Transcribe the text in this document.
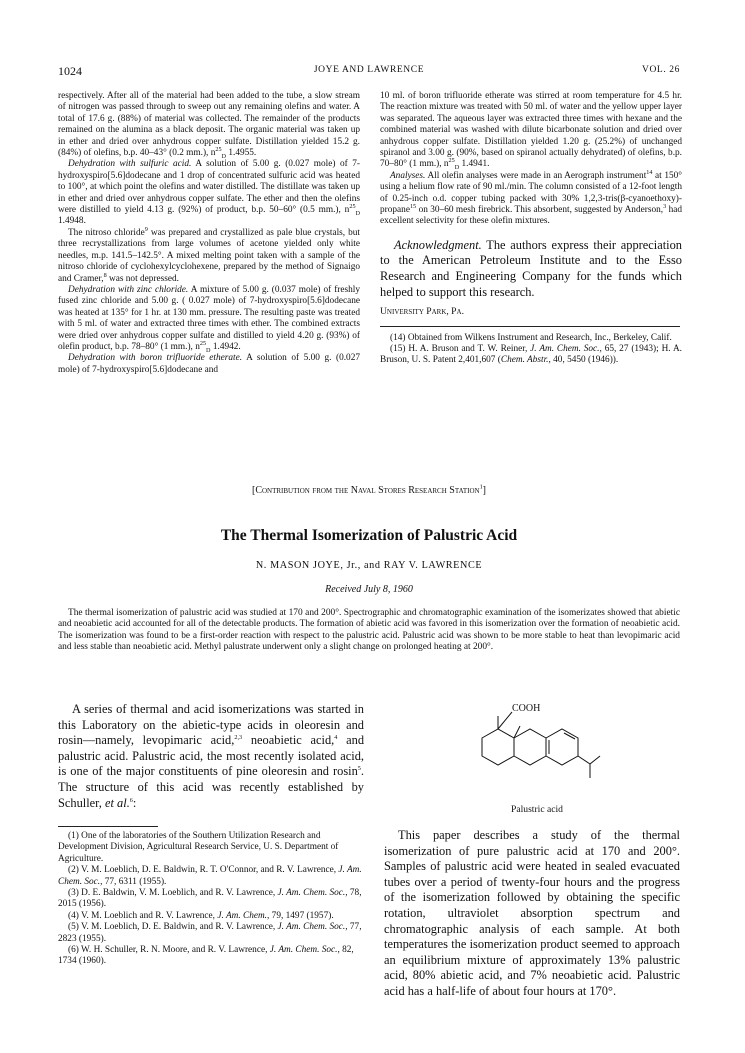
1024	JOYE AND LAWRENCE	VOL. 26

respectively. After all of the material had been added to the tube, a slow stream of nitrogen was passed through to sweep out any remaining olefins and water. A total of 17.6 g. (88%) of material was collected. The remainder of the products remained on the alumina as a black deposit. The organic material was taken up in ether and dried over anhydrous copper sulfate. Distillation yielded 15.2 g. (84%) of olefins, b.p. 40–43° (0.2 mm.), $n^{25}_D$ 1.4955.

Dehydration with sulfuric acid. A solution of 5.00 g. (0.027 mole) of 7-hydroxyspiro[5.6]dodecane and 1 drop of concentrated sulfuric acid was heated to 100°, at which point the olefins and water distilled. The distillate was taken up in ether and dried over anhydrous copper sulfate. The ether and then the olefins were distilled to yield 4.13 g. (92%) of product, b.p. 50–60° (0.5 mm.), $n^{25}_D$ 1.4948.

The nitroso chloride$^9$ was prepared and crystallized as pale blue crystals, but three recrystallizations from large volumes of acetone yielded only white needles, m.p. 141.5–142.5°. A mixed melting point taken with a sample of the nitroso chloride of cyclohexylcyclohexene, prepared by the method of Signaigo and Cramer,$^8$ was not depressed.

Dehydration with zinc chloride. A mixture of 5.00 g. (0.037 mole) of freshly fused zinc chloride and 5.00 g. ( 0.027 mole) of 7-hydroxyspiro[5.6]dodecane was heated at 135° for 1 hr. at 130 mm. pressure. The resulting paste was treated with 5 ml. of water and extracted three times with ether. The combined extracts were dried over anhydrous copper sulfate and distilled to yield 4.20 g. (93%) of olefin product, b.p. 78–80° (1 mm.), $n^{25}_D$ 1.4942.

Dehydration with boron trifluoride etherate. A solution of 5.00 g. (0.027 mole) of 7-hydroxyspiro[5.6]dodecane and

10 ml. of boron trifluoride etherate was stirred at room temperature for 4.5 hr. The reaction mixture was treated with 50 ml. of water and the yellow upper layer was separated. The aqueous layer was extracted three times with hexane and the combined material was washed with dilute bicarbonate solution and dried over anhydrous copper sulfate. Distillation yielded 1.20 g. (25.2%) of unchanged spiranol and 3.00 g. (90%, based on spiranol actually dehydrated) of olefins, b.p. 70–80° (1 mm.), $n^{25}_D$ 1.4941.

Analyses. All olefin analyses were made in an Aerograph instrument$^{14}$ at 150° using a helium flow rate of 90 ml./min. The column consisted of a 12-foot length of 0.25-inch o.d. copper tubing packed with 30% 1,2,3-tris(β-cyanoethoxy)-propane$^{15}$ on 30–60 mesh firebrick. This absorbent, suggested by Anderson,$^3$ had excellent selectivity for these olefin mixtures.

Acknowledgment. The authors express their appreciation to the American Petroleum Institute and to the Esso Research and Engineering Company for the funds which helped to support this research.

University Park, Pa.

(14) Obtained from Wilkens Instrument and Research, Inc., Berkeley, Calif.

(15) H. A. Bruson and T. W. Reiner, J. Am. Chem. Soc., 65, 27 (1943); H. A. Bruson, U. S. Patent 2,401,607 (Chem. Abstr., 40, 5450 (1946)).

[Contribution from the Naval Stores Research Station$^1$]
The Thermal Isomerization of Palustric Acid
N. MASON JOYE, Jr., and RAY V. LAWRENCE
Received July 8, 1960
The thermal isomerization of palustric acid was studied at 170 and 200°. Spectrographic and chromatographic examination of the isomerizates showed that abietic and neoabietic acid accounted for all of the detectable products. The formation of abietic acid was favored in this isomerization over the formation of neoabietic acid. The isomerization was found to be a first-order reaction with respect to the palustric acid. Palustric acid was shown to be more stable to heat than levopimaric acid and less stable than neoabietic acid. Methyl palustrate underwent only a slight change on prolonged heating at 200°.

A series of thermal and acid isomerizations was started in this Laboratory on the abietic-type acids in oleoresin and rosin—namely, levopimaric acid,$^{2,3}$ neoabietic acid,$^4$ and palustric acid. Palustric acid, the most recently isolated acid, is one of the major constituents of pine oleoresin and rosin$^5$. The structure of this acid was recently established by Schuller, et al.$^6$:

COOH
Palustric acid

(1) One of the laboratories of the Southern Utilization Research and Development Division, Agricultural Research Service, U. S. Department of Agriculture.

(2) V. M. Loeblich, D. E. Baldwin, R. T. O'Connor, and R. V. Lawrence, J. Am. Chem. Soc., 77, 6311 (1955).

(3) D. E. Baldwin, V. M. Loeblich, and R. V. Lawrence, J. Am. Chem. Soc., 78, 2015 (1956).

(4) V. M. Loeblich and R. V. Lawrence, J. Am. Chem., 79, 1497 (1957).

(5) V. M. Loeblich, D. E. Baldwin, and R. V. Lawrence, J. Am. Chem. Soc., 77, 2823 (1955).

(6) W. H. Schuller, R. N. Moore, and R. V. Lawrence, J. Am. Chem. Soc., 82, 1734 (1960).

This paper describes a study of the thermal isomerization of pure palustric acid at 170 and 200°. Samples of palustric acid were heated in sealed evacuated tubes over a period of twenty-four hours and the progress of the isomerization followed by obtaining the specific rotation, ultraviolet absorption spectrum and chromatographic analysis of each sample. At both temperatures the isomerization product seemed to approach an equilibrium mixture of approximately 13% palustric acid, 80% abietic acid, and 7% neoabietic acid. Palustric acid has a half-life of about four hours at 170°.
